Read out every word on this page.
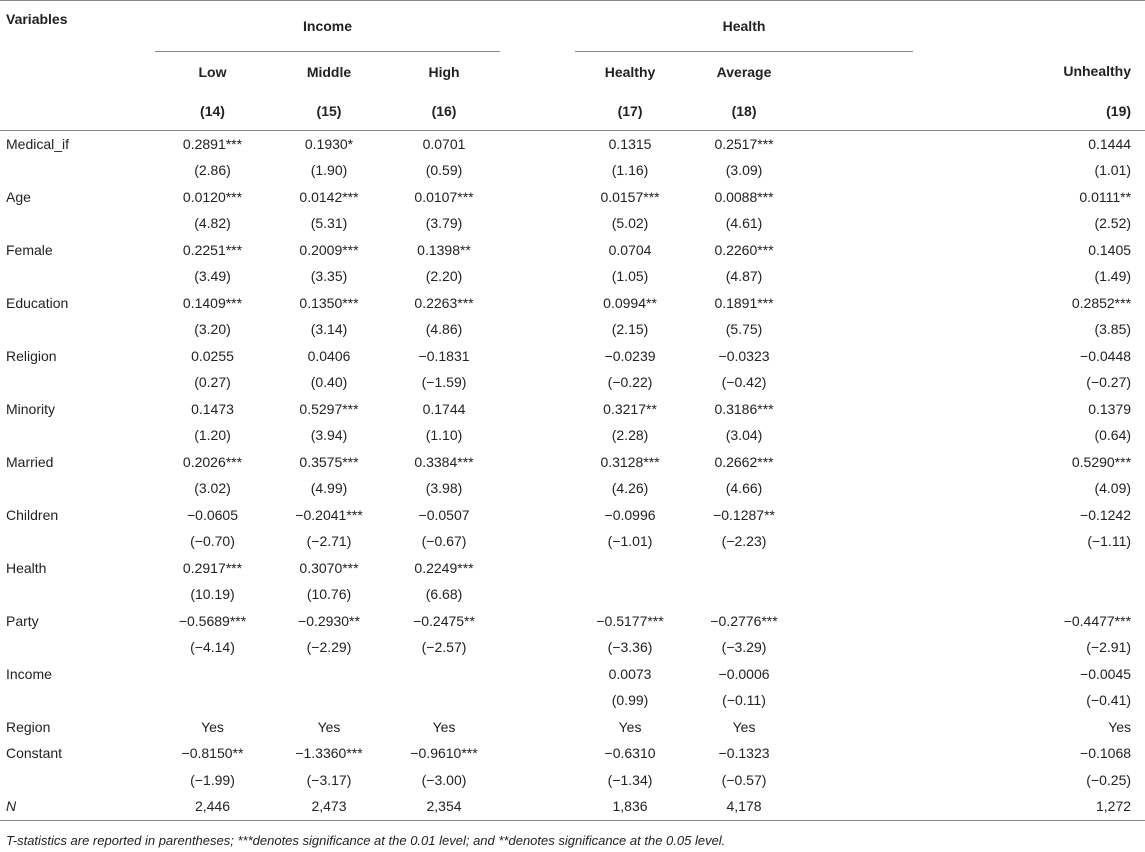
Variables	Income				Health			
	Low	Middle	High		Healthy	Average		Unhealthy
	(14)	(15)	(16)		(17)	(18)		(19)
Medical_if	0.2891***	0.1930*	0.0701		0.1315	0.2517***		0.1444
	(2.86)	(1.90)	(0.59)		(1.16)	(3.09)		(1.01)
Age	0.0120***	0.0142***	0.0107***		0.0157***	0.0088***		0.0111**
	(4.82)	(5.31)	(3.79)		(5.02)	(4.61)		(2.52)
Female	0.2251***	0.2009***	0.1398**		0.0704	0.2260***		0.1405
	(3.49)	(3.35)	(2.20)		(1.05)	(4.87)		(1.49)
Education	0.1409***	0.1350***	0.2263***		0.0994**	0.1891***		0.2852***
	(3.20)	(3.14)	(4.86)		(2.15)	(5.75)		(3.85)
Religion	0.0255	0.0406	−0.1831		−0.0239	−0.0323		−0.0448
	(0.27)	(0.40)	(−1.59)		(−0.22)	(−0.42)		(−0.27)
Minority	0.1473	0.5297***	0.1744		0.3217**	0.3186***		0.1379
	(1.20)	(3.94)	(1.10)		(2.28)	(3.04)		(0.64)
Married	0.2026***	0.3575***	0.3384***		0.3128***	0.2662***		0.5290***
	(3.02)	(4.99)	(3.98)		(4.26)	(4.66)		(4.09)
Children	−0.0605	−0.2041***	−0.0507		−0.0996	−0.1287**		−0.1242
	(−0.70)	(−2.71)	(−0.67)		(−1.01)	(−2.23)		(−1.11)
Health	0.2917***	0.3070***	0.2249***					
	(10.19)	(10.76)	(6.68)					
Party	−0.5689***	−0.2930**	−0.2475**		−0.5177***	−0.2776***		−0.4477***
	(−4.14)	(−2.29)	(−2.57)		(−3.36)	(−3.29)		(−2.91)
Income					0.0073	−0.0006		−0.0045
					(0.99)	(−0.11)		(−0.41)
Region	Yes	Yes	Yes		Yes	Yes		Yes
Constant	−0.8150**	−1.3360***	−0.9610***		−0.6310	−0.1323		−0.1068
	(−1.99)	(−3.17)	(−3.00)		(−1.34)	(−0.57)		(−0.25)
N	2,446	2,473	2,354		1,836	4,178		1,272
T-statistics are reported in parentheses; ***denotes significance at the 0.01 level; and **denotes significance at the 0.05 level.
